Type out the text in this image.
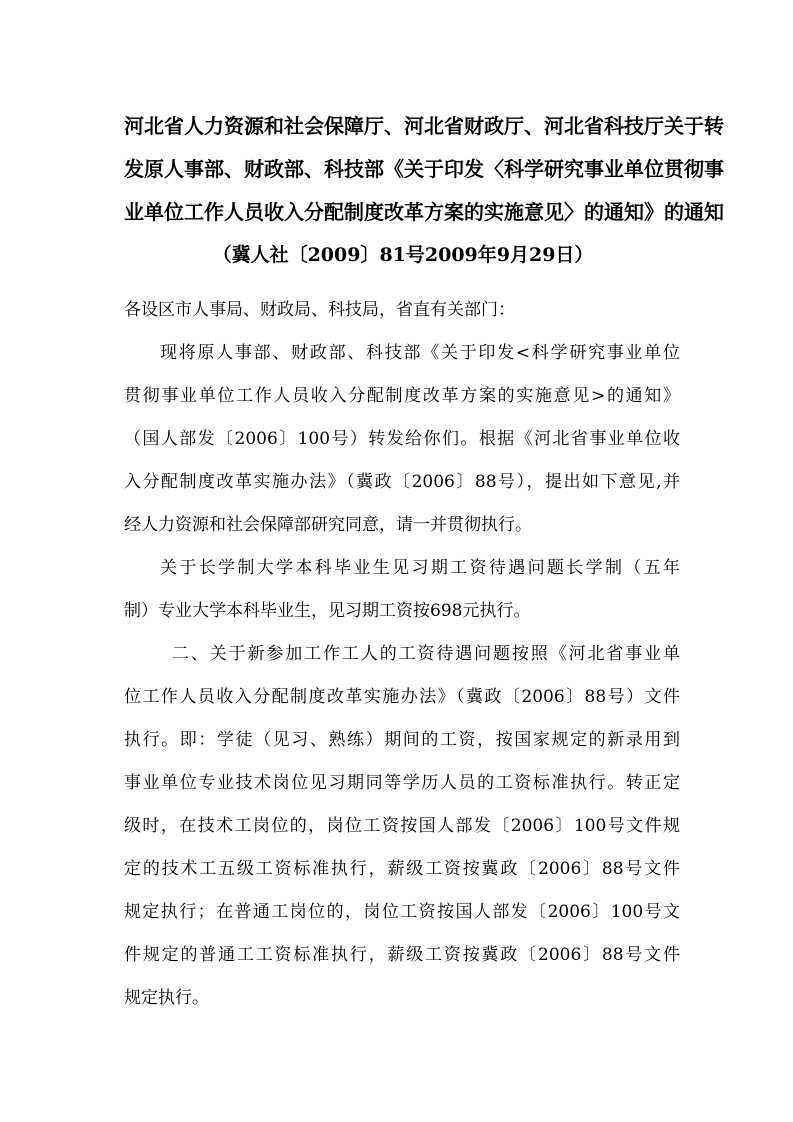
河北省人力资源和社会保障厅、河北省财政厅、河北省科技厅关于转

发原人事部、财政部、科技部《关于印发〈科学研究事业单位贯彻事

业单位工作人员收入分配制度改革方案的实施意见〉的通知》的通知

（冀人社〔2009〕81号2009年9月29日）

各设区市人事局、财政局、科技局，省直有关部门：

现将原人事部、财政部、科技部《关于印发<科学研究事业单位

贯彻事业单位工作人员收入分配制度改革方案的实施意见>的通知》

（国人部发〔2006〕100号）转发给你们。根据《河北省事业单位收

入分配制度改革实施办法》（冀政〔2006〕88号），提出如下意见,并

经人力资源和社会保障部研究同意，请一并贯彻执行。

关于长学制大学本科毕业生见习期工资待遇问题长学制（五年

制）专业大学本科毕业生，见习期工资按698元执行。

二、关于新参加工作工人的工资待遇问题按照《河北省事业单

位工作人员收入分配制度改革实施办法》（冀政〔2006〕88号）文件

执行。即：学徒（见习、熟练）期间的工资，按国家规定的新录用到

事业单位专业技术岗位见习期同等学历人员的工资标准执行。转正定

级时，在技术工岗位的，岗位工资按国人部发〔2006〕100号文件规

定的技术工五级工资标准执行，薪级工资按冀政〔2006〕88号文件

规定执行；在普通工岗位的，岗位工资按国人部发〔2006〕100号文

件规定的普通工工资标准执行，薪级工资按冀政〔2006〕88号文件

规定执行。
